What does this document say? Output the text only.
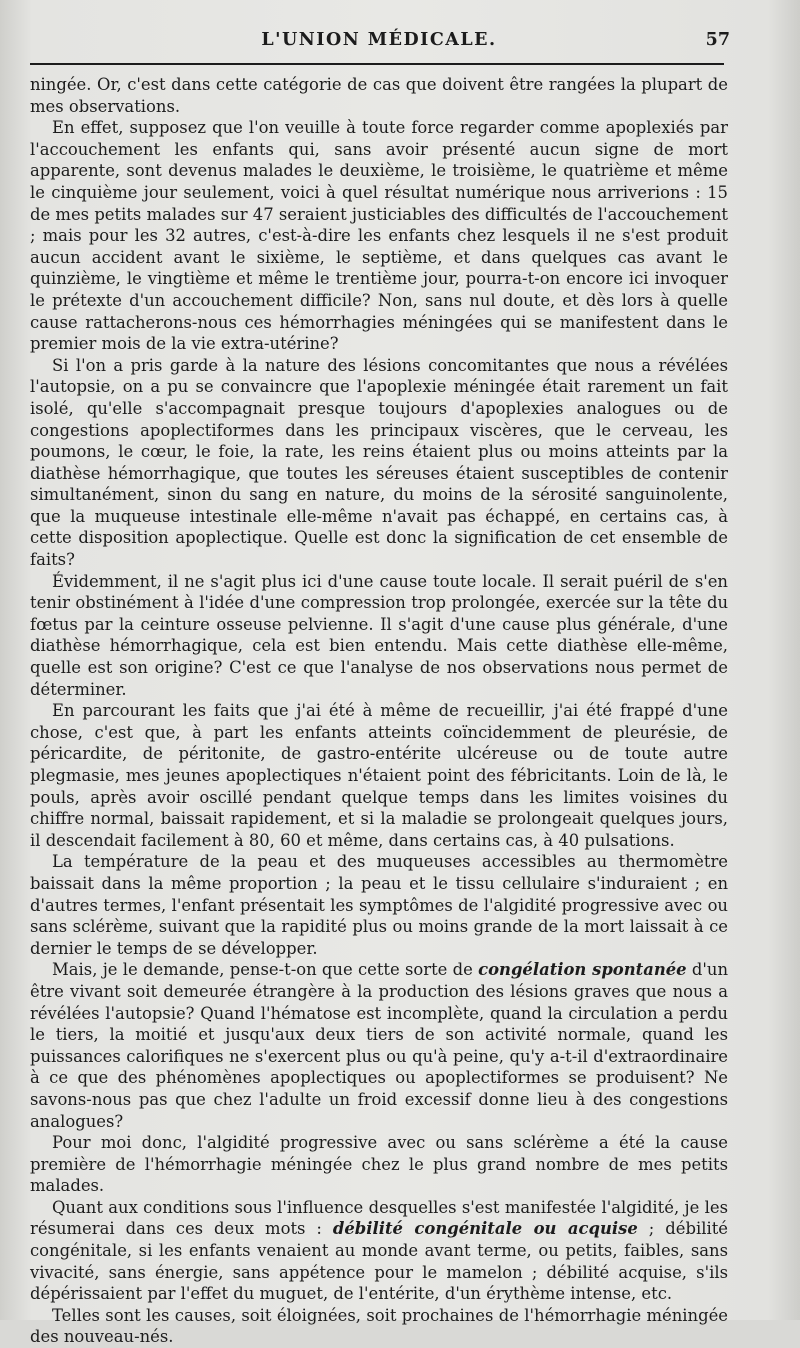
L'UNION MÉDICALE.	57

ningée. Or, c'est dans cette catégorie de cas que doivent être rangées la plupart de mes observations.

En effet, supposez que l'on veuille à toute force regarder comme apoplexiés par l'accouchement les enfants qui, sans avoir présenté aucun signe de mort apparente, sont devenus malades le deuxième, le troisième, le quatrième et même le cinquième jour seulement, voici à quel résultat numérique nous arriverions : 15 de mes petits malades sur 47 seraient justiciables des difficultés de l'accouchement ; mais pour les 32 autres, c'est-à-dire les enfants chez lesquels il ne s'est produit aucun accident avant le sixième, le septième, et dans quelques cas avant le quinzième, le vingtième et même le trentième jour, pourra-t-on encore ici invoquer le prétexte d'un accouchement difficile? Non, sans nul doute, et dès lors à quelle cause rattacherons-nous ces hémorrhagies méningées qui se manifestent dans le premier mois de la vie extra-utérine?

Si l'on a pris garde à la nature des lésions concomitantes que nous a révélées l'autopsie, on a pu se convaincre que l'apoplexie méningée était rarement un fait isolé, qu'elle s'accompagnait presque toujours d'apoplexies analogues ou de congestions apoplectiformes dans les principaux viscères, que le cerveau, les poumons, le cœur, le foie, la rate, les reins étaient plus ou moins atteints par la diathèse hémorrhagique, que toutes les séreuses étaient susceptibles de contenir simultanément, sinon du sang en nature, du moins de la sérosité sanguinolente, que la muqueuse intestinale elle-même n'avait pas échappé, en certains cas, à cette disposition apoplectique. Quelle est donc la signification de cet ensemble de faits?

Évidemment, il ne s'agit plus ici d'une cause toute locale. Il serait puéril de s'en tenir obstinément à l'idée d'une compression trop prolongée, exercée sur la tête du fœtus par la ceinture osseuse pelvienne. Il s'agit d'une cause plus générale, d'une diathèse hémorrhagique, cela est bien entendu. Mais cette diathèse elle-même, quelle est son origine? C'est ce que l'analyse de nos observations nous permet de déterminer.

En parcourant les faits que j'ai été à même de recueillir, j'ai été frappé d'une chose, c'est que, à part les enfants atteints coïncidemment de pleurésie, de péricardite, de péritonite, de gastro-entérite ulcéreuse ou de toute autre plegmasie, mes jeunes apoplectiques n'étaient point des fébricitants. Loin de là, le pouls, après avoir oscillé pendant quelque temps dans les limites voisines du chiffre normal, baissait rapidement, et si la maladie se prolongeait quelques jours, il descendait facilement à 80, 60 et même, dans certains cas, à 40 pulsations.

La température de la peau et des muqueuses accessibles au thermomètre baissait dans la même proportion ; la peau et le tissu cellulaire s'induraient ; en d'autres termes, l'enfant présentait les symptômes de l'algidité progressive avec ou sans sclérème, suivant que la rapidité plus ou moins grande de la mort laissait à ce dernier le temps de se développer.

Mais, je le demande, pense-t-on que cette sorte de congélation spontanée d'un être vivant soit demeurée étrangère à la production des lésions graves que nous a révélées l'autopsie? Quand l'hématose est incomplète, quand la circulation a perdu le tiers, la moitié et jusqu'aux deux tiers de son activité normale, quand les puissances calorifiques ne s'exercent plus ou qu'à peine, qu'y a-t-il d'extraordinaire à ce que des phénomènes apoplectiques ou apoplectiformes se produisent? Ne savons-nous pas que chez l'adulte un froid excessif donne lieu à des congestions analogues?

Pour moi donc, l'algidité progressive avec ou sans sclérème a été la cause première de l'hémorrhagie méningée chez le plus grand nombre de mes petits malades.

Quant aux conditions sous l'influence desquelles s'est manifestée l'algidité, je les résumerai dans ces deux mots : débilité congénitale ou acquise ; débilité congénitale, si les enfants venaient au monde avant terme, ou petits, faibles, sans vivacité, sans énergie, sans appétence pour le mamelon ; débilité acquise, s'ils dépérissaient par l'effet du muguet, de l'entérite, d'un érythème intense, etc.

Telles sont les causes, soit éloignées, soit prochaines de l'hémorrhagie méningée des nouveau-nés.
